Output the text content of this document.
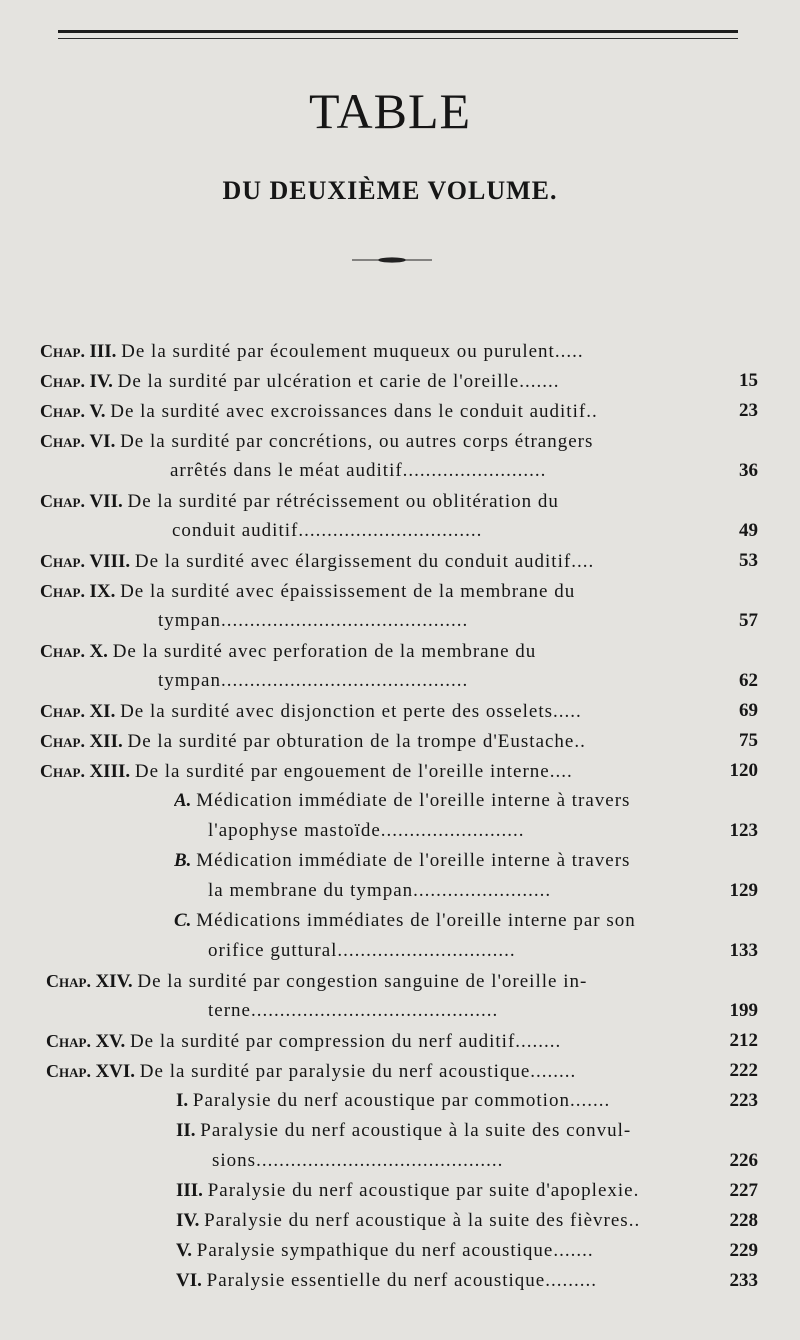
TABLE
DU DEUXIÈME VOLUME.
Chap. III. De la surdité par écoulement muqueux ou purulent.....
Chap. IV. De la surdité par ulcération et carie de l'oreille.......	15
Chap. V. De la surdité avec excroissances dans le conduit auditif..	23
Chap. VI. De la surdité par concrétions, ou autres corps étrangers
arrêtés dans le méat auditif.........................	36
Chap. VII. De la surdité par rétrécissement ou oblitération du
conduit auditif................................	49
Chap. VIII. De la surdité avec élargissement du conduit auditif....	53
Chap. IX. De la surdité avec épaississement de la membrane du
tympan...........................................	57
Chap. X. De la surdité avec perforation de la membrane du
tympan...........................................	62
Chap. XI. De la surdité avec disjonction et perte des osselets.....	69
Chap. XII. De la surdité par obturation de la trompe d'Eustache..	75
Chap. XIII. De la surdité par engouement de l'oreille interne....	120
A. Médication immédiate de l'oreille interne à travers
l'apophyse mastoïde.........................	123
B. Médication immédiate de l'oreille interne à travers
la membrane du tympan........................	129
C. Médications immédiates de l'oreille interne par son
orifice guttural...............................	133
Chap. XIV. De la surdité par congestion sanguine de l'oreille in-
terne...........................................	199
Chap. XV. De la surdité par compression du nerf auditif........	212
Chap. XVI. De la surdité par paralysie du nerf acoustique........	222
I. Paralysie du nerf acoustique par commotion.......	223
II. Paralysie du nerf acoustique à la suite des convul-
sions...........................................	226
III. Paralysie du nerf acoustique par suite d'apoplexie.	227
IV. Paralysie du nerf acoustique à la suite des fièvres..	228
V. Paralysie sympathique du nerf acoustique.......	229
VI. Paralysie essentielle du nerf acoustique.........	233
